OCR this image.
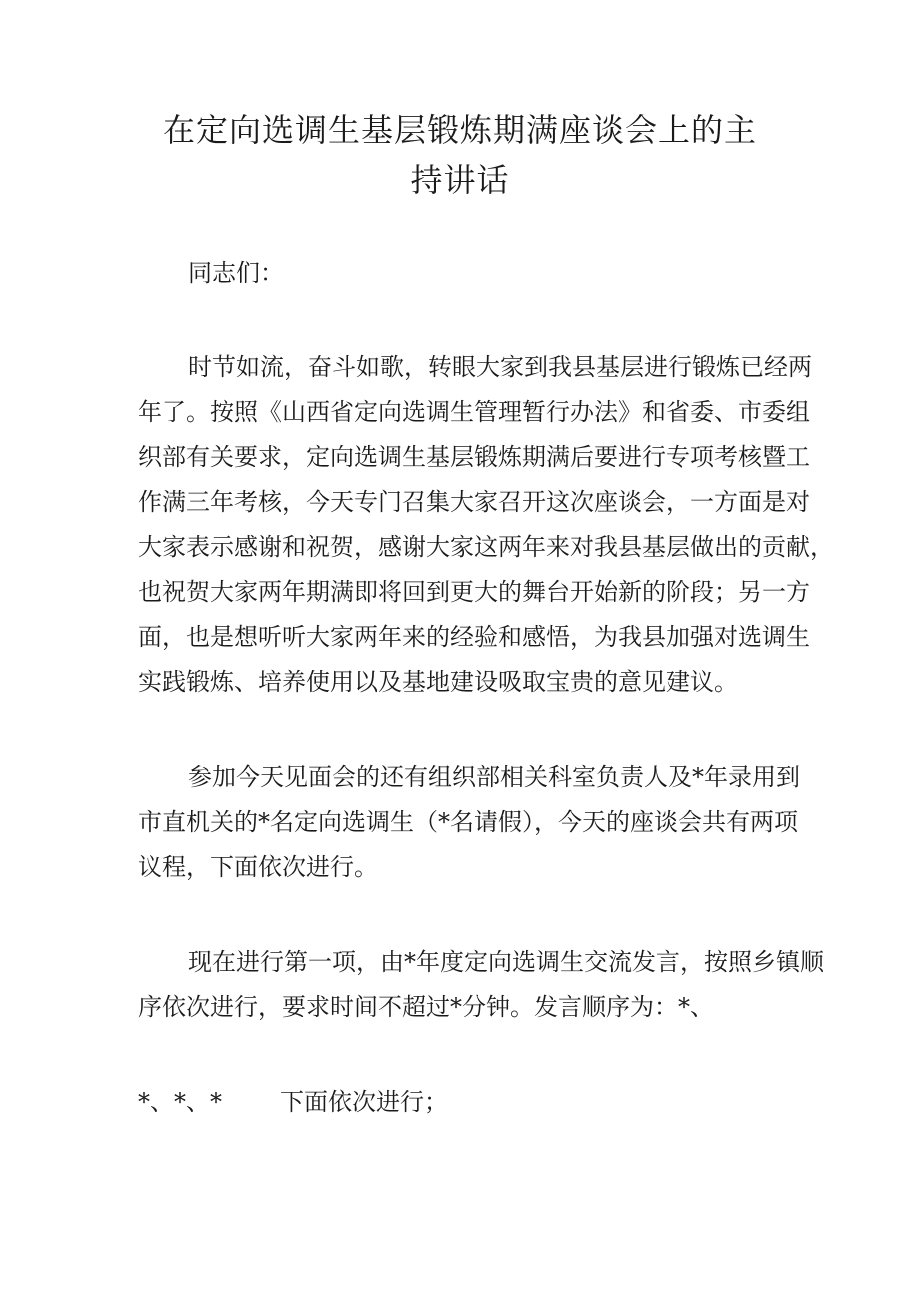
在定向选调生基层锻炼期满座谈会上的主
持讲话

同志们：

时节如流，奋斗如歌，转眼大家到我县基层进行锻炼已经两

年了。按照《山西省定向选调生管理暂行办法》和省委、市委组

织部有关要求，定向选调生基层锻炼期满后要进行专项考核暨工

作满三年考核，今天专门召集大家召开这次座谈会，一方面是对

大家表示感谢和祝贺，感谢大家这两年来对我县基层做出的贡献，

也祝贺大家两年期满即将回到更大的舞台开始新的阶段；另一方

面，也是想听听大家两年来的经验和感悟，为我县加强对选调生

实践锻炼、培养使用以及基地建设吸取宝贵的意见建议。

参加今天见面会的还有组织部相关科室负责人及*年录用到

市直机关的*名定向选调生（*名请假），今天的座谈会共有两项

议程，下面依次进行。

现在进行第一项，由*年度定向选调生交流发言，按照乡镇顺

序依次进行，要求时间不超过*分钟。发言顺序为：*、

*、*、* 下面依次进行；
